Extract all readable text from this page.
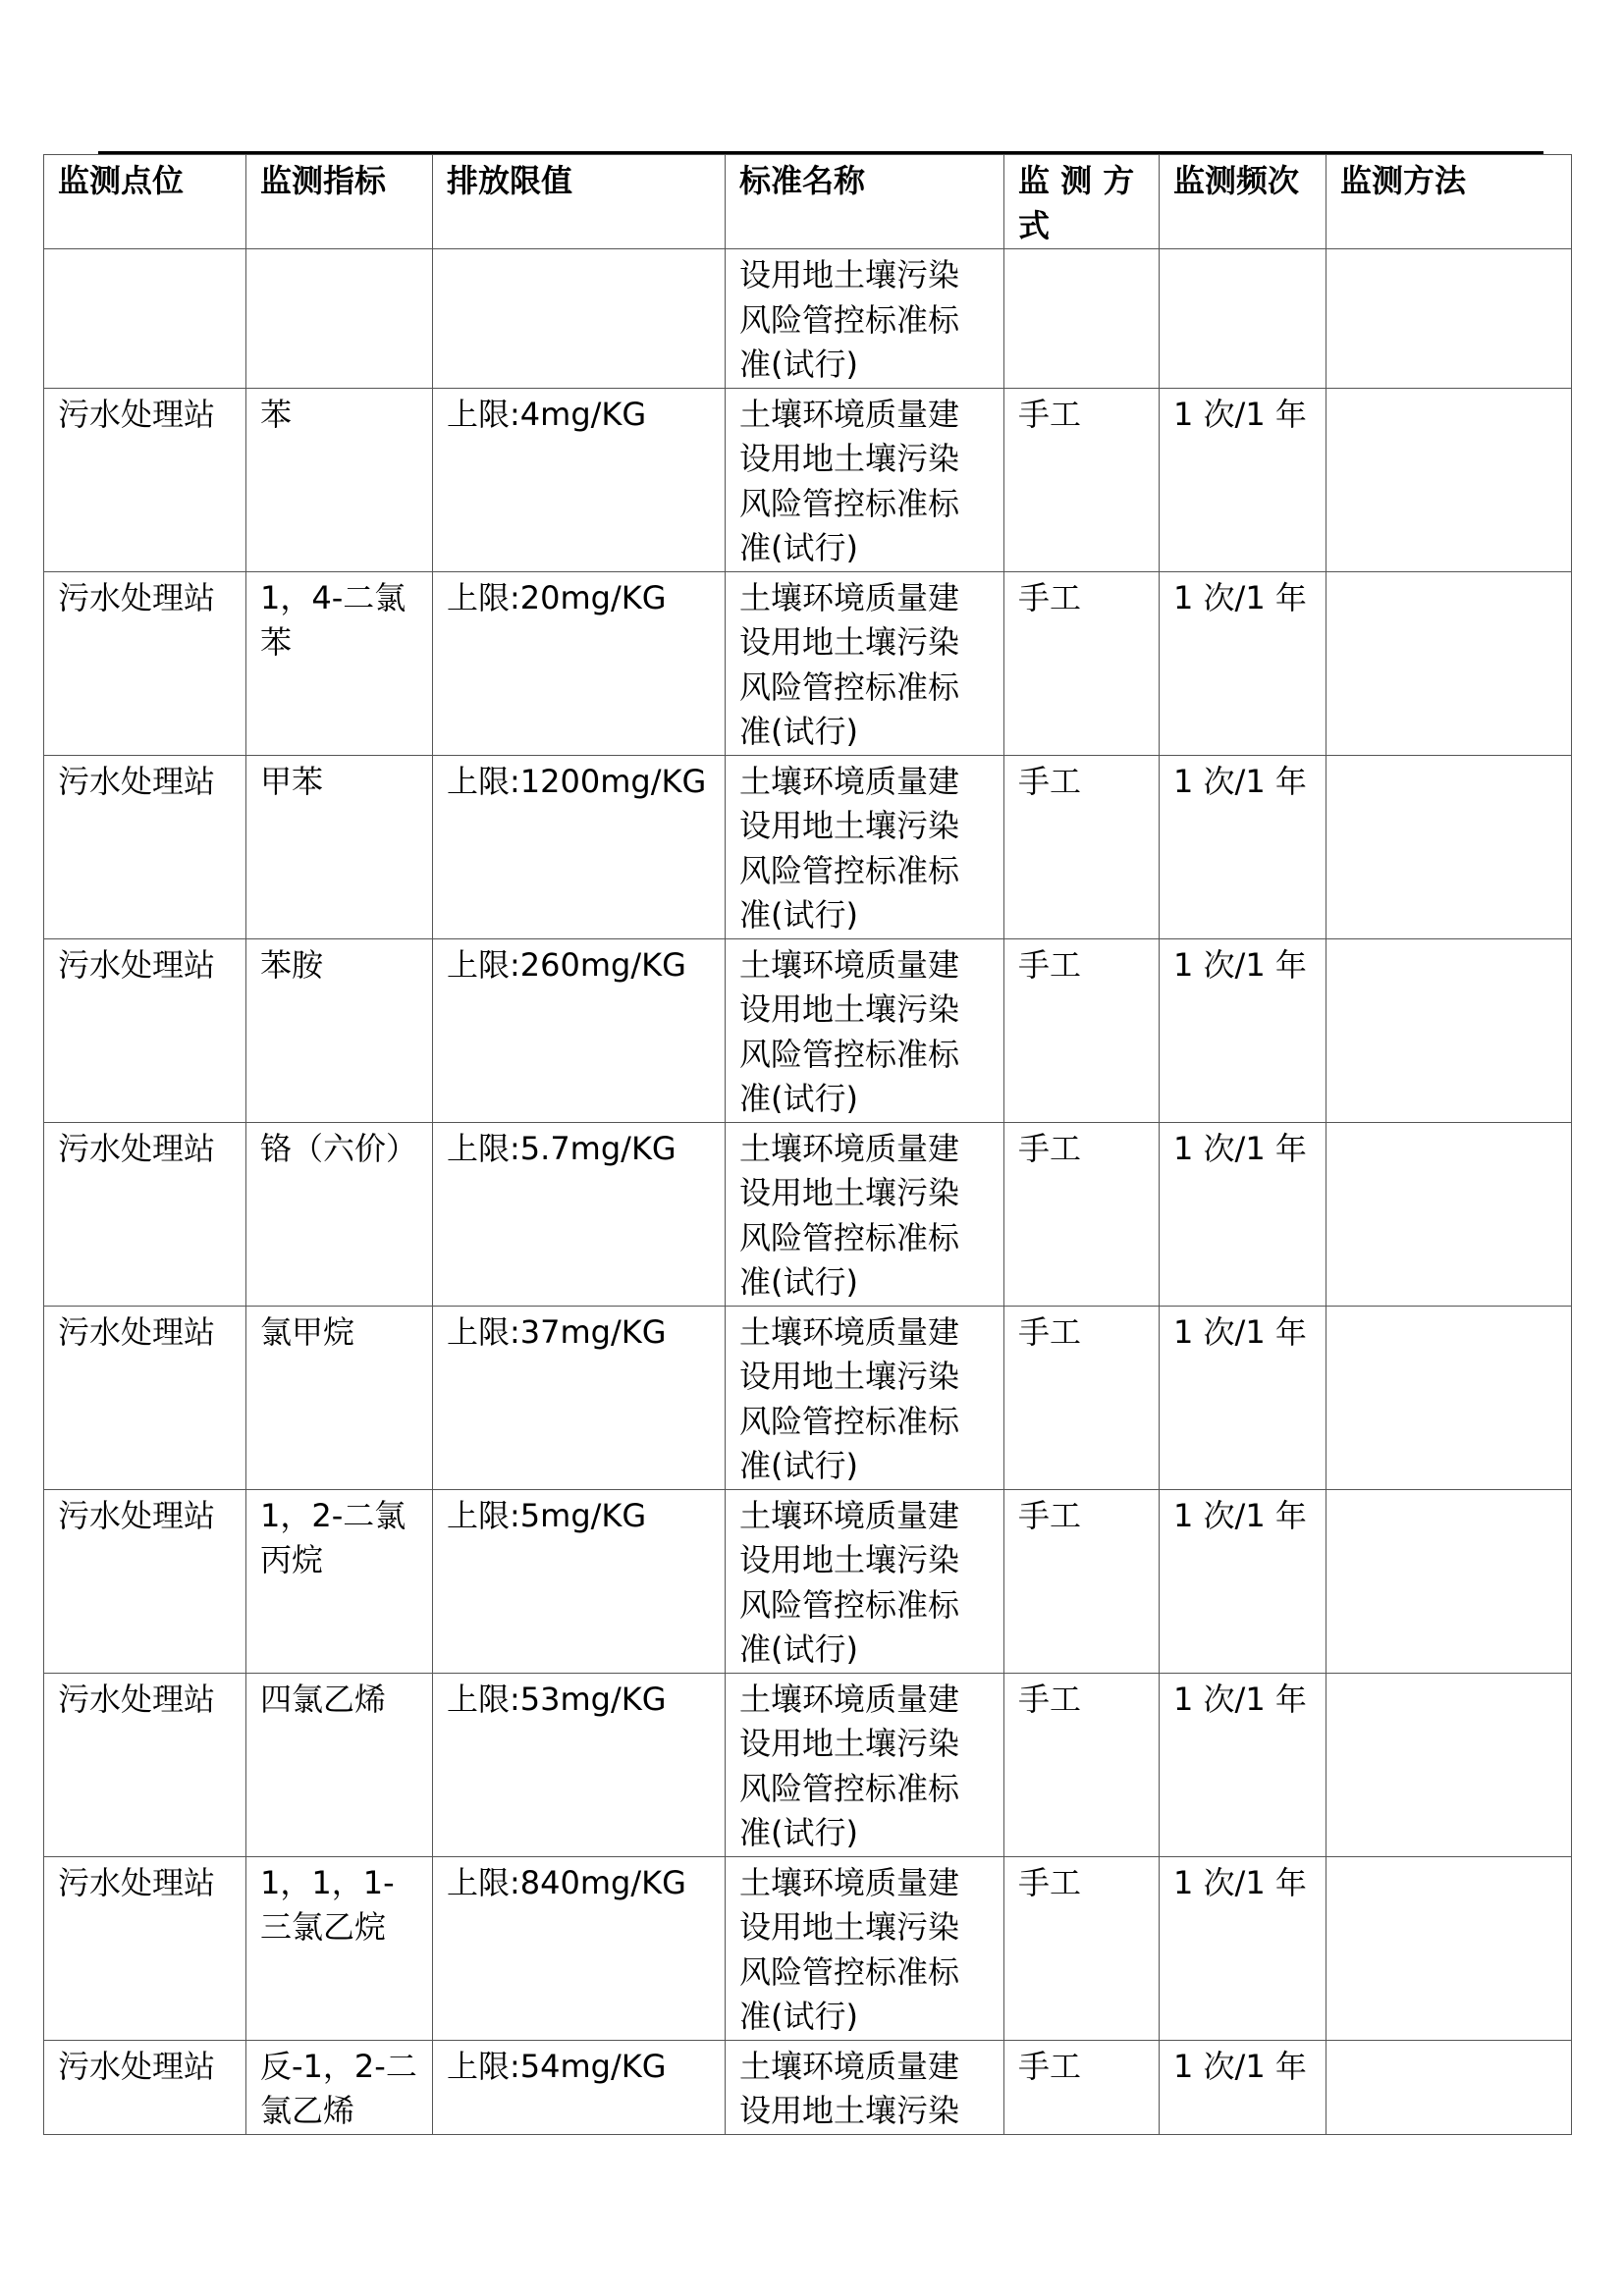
监测点位	监测指标	排放限值	标准名称	监 测 方 式	监测频次	监测方法
			设用地土壤污染风险管控标准标准(试行)			
污水处理站	苯	上限:4mg/KG	土壤环境质量建设用地土壤污染风险管控标准标准(试行)	手工	1 次/1 年	
污水处理站	1，4-二氯苯	上限:20mg/KG	土壤环境质量建设用地土壤污染风险管控标准标准(试行)	手工	1 次/1 年	
污水处理站	甲苯	上限:1200mg/KG	土壤环境质量建设用地土壤污染风险管控标准标准(试行)	手工	1 次/1 年	
污水处理站	苯胺	上限:260mg/KG	土壤环境质量建设用地土壤污染风险管控标准标准(试行)	手工	1 次/1 年	
污水处理站	铬（六价）	上限:5.7mg/KG	土壤环境质量建设用地土壤污染风险管控标准标准(试行)	手工	1 次/1 年	
污水处理站	氯甲烷	上限:37mg/KG	土壤环境质量建设用地土壤污染风险管控标准标准(试行)	手工	1 次/1 年	
污水处理站	1，2-二氯丙烷	上限:5mg/KG	土壤环境质量建设用地土壤污染风险管控标准标准(试行)	手工	1 次/1 年	
污水处理站	四氯乙烯	上限:53mg/KG	土壤环境质量建设用地土壤污染风险管控标准标准(试行)	手工	1 次/1 年	
污水处理站	1，1，1-三氯乙烷	上限:840mg/KG	土壤环境质量建设用地土壤污染风险管控标准标准(试行)	手工	1 次/1 年	
污水处理站	反-1，2-二氯乙烯	上限:54mg/KG	土壤环境质量建设用地土壤污染	手工	1 次/1 年	
